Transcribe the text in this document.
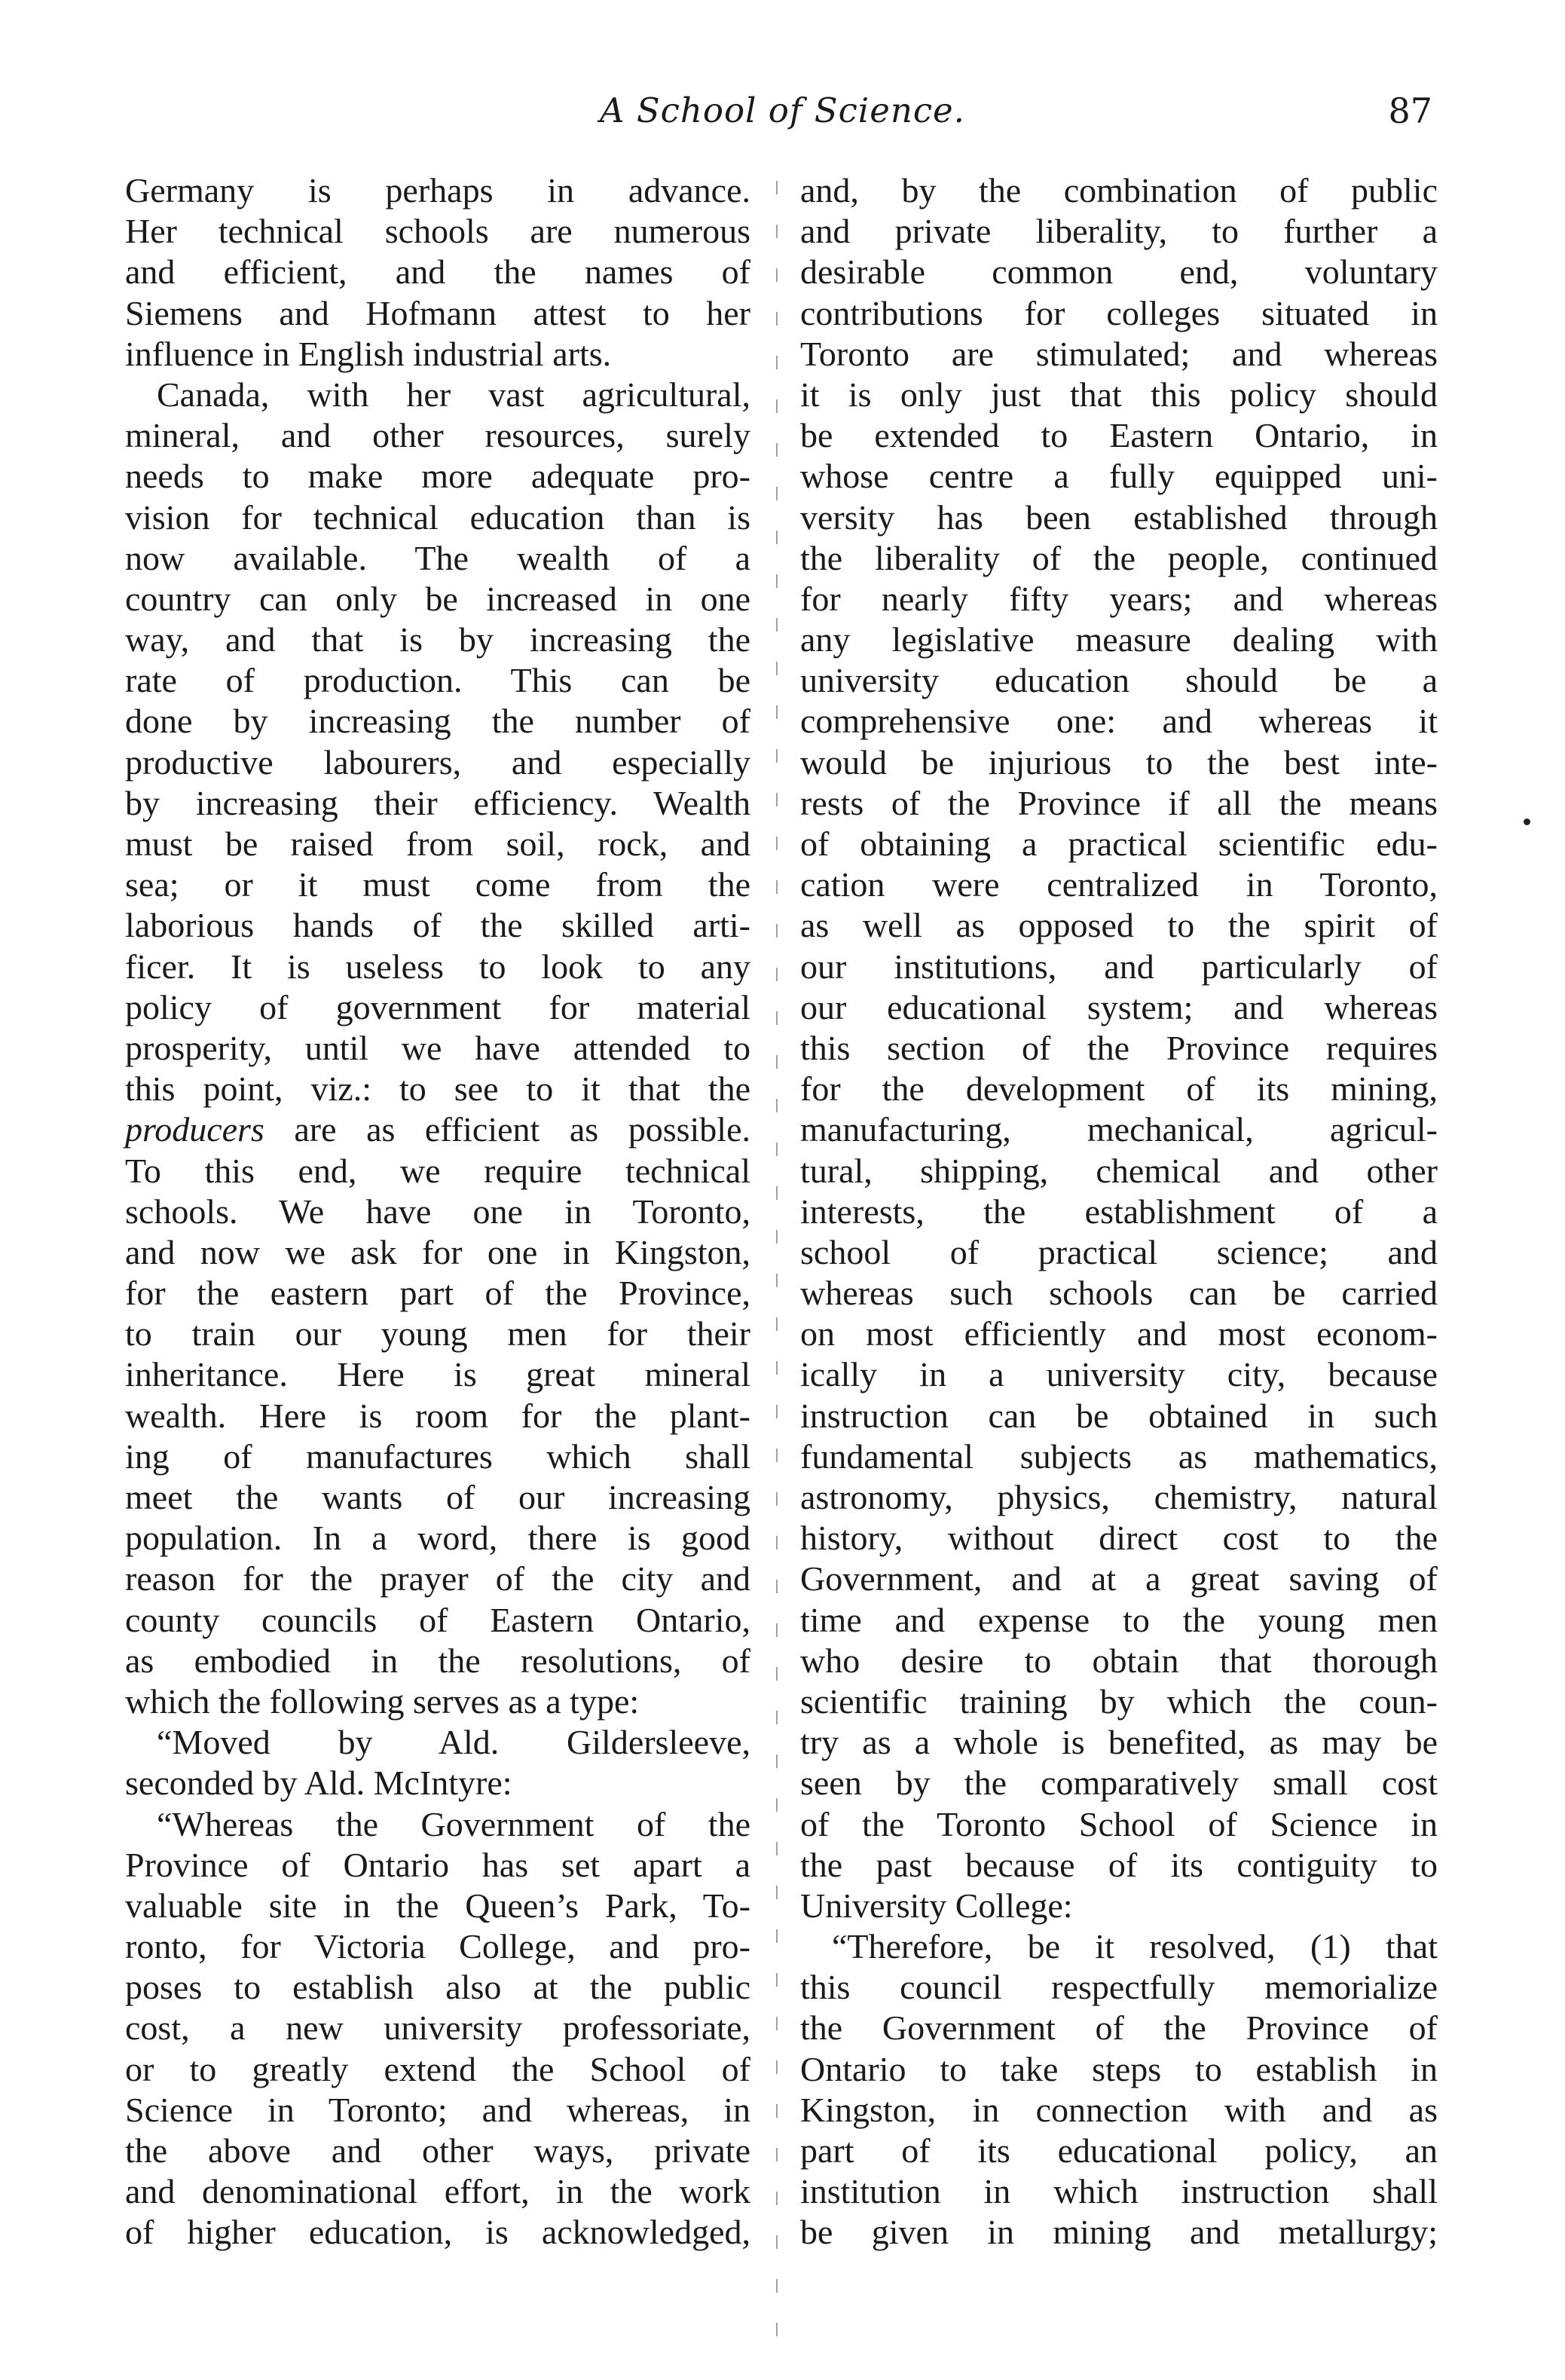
A School of Science.	87
Germany is perhaps in advance.
Her technical schools are numerous
and efficient, and the names of
Siemens and Hofmann attest to her
influence in English industrial arts.
Canada, with her vast agricultural,
mineral, and other resources, surely
needs to make more adequate pro-
vision for technical education than is
now available. The wealth of a
country can only be increased in one
way, and that is by increasing the
rate of production. This can be
done by increasing the number of
productive labourers, and especially
by increasing their efficiency. Wealth
must be raised from soil, rock, and
sea; or it must come from the
laborious hands of the skilled arti-
ficer. It is useless to look to any
policy of government for material
prosperity, until we have attended to
this point, viz.: to see to it that the
producers are as efficient as possible.
To this end, we require technical
schools. We have one in Toronto,
and now we ask for one in Kingston,
for the eastern part of the Province,
to train our young men for their
inheritance. Here is great mineral
wealth. Here is room for the plant-
ing of manufactures which shall
meet the wants of our increasing
population. In a word, there is good
reason for the prayer of the city and
county councils of Eastern Ontario,
as embodied in the resolutions, of
which the following serves as a type:
“Moved by Ald. Gildersleeve,
seconded by Ald. McIntyre:
“Whereas the Government of the
Province of Ontario has set apart a
valuable site in the Queen’s Park, To-
ronto, for Victoria College, and pro-
poses to establish also at the public
cost, a new university professoriate,
or to greatly extend the School of
Science in Toronto; and whereas, in
the above and other ways, private
and denominational effort, in the work
of higher education, is acknowledged,
and, by the combination of public
and private liberality, to further a
desirable common end, voluntary
contributions for colleges situated in
Toronto are stimulated; and whereas
it is only just that this policy should
be extended to Eastern Ontario, in
whose centre a fully equipped uni-
versity has been established through
the liberality of the people, continued
for nearly fifty years; and whereas
any legislative measure dealing with
university education should be a
comprehensive one: and whereas it
would be injurious to the best inte-
rests of the Province if all the means
of obtaining a practical scientific edu-
cation were centralized in Toronto,
as well as opposed to the spirit of
our institutions, and particularly of
our educational system; and whereas
this section of the Province requires
for the development of its mining,
manufacturing, mechanical, agricul-
tural, shipping, chemical and other
interests, the establishment of a
school of practical science; and
whereas such schools can be carried
on most efficiently and most econom-
ically in a university city, because
instruction can be obtained in such
fundamental subjects as mathematics,
astronomy, physics, chemistry, natural
history, without direct cost to the
Government, and at a great saving of
time and expense to the young men
who desire to obtain that thorough
scientific training by which the coun-
try as a whole is benefited, as may be
seen by the comparatively small cost
of the Toronto School of Science in
the past because of its contiguity to
University College:
“Therefore, be it resolved, (1) that
this council respectfully memorialize
the Government of the Province of
Ontario to take steps to establish in
Kingston, in connection with and as
part of its educational policy, an
institution in which instruction shall
be given in mining and metallurgy;
